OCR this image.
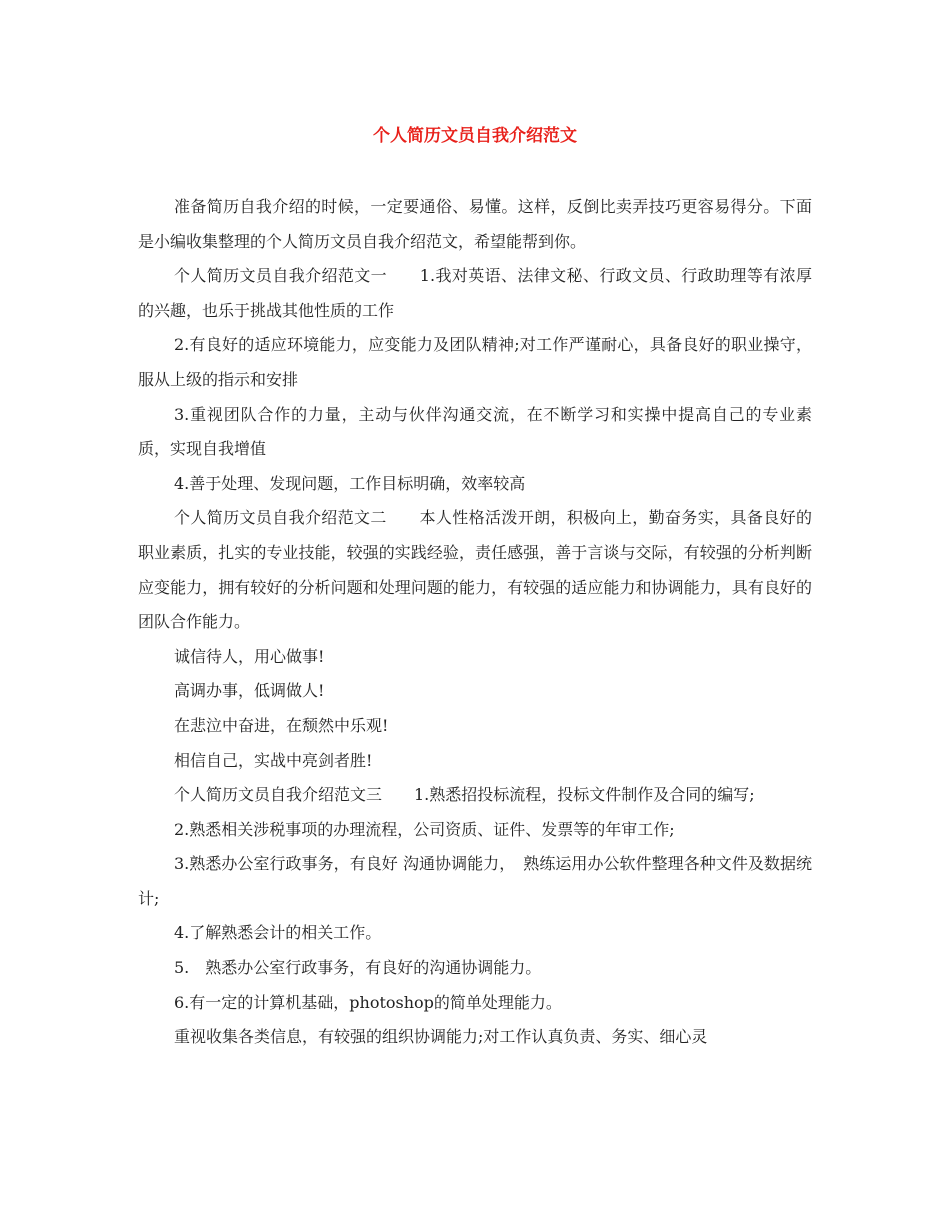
个人简历文员自我介绍范文

准备简历自我介绍的时候，一定要通俗、易懂。这样，反倒比卖弄技巧更容易得分。下面是小编收集整理的个人简历文员自我介绍范文，希望能帮到你。

个人简历文员自我介绍范文一　　1.我对英语、法律文秘、行政文员、行政助理等有浓厚的兴趣，也乐于挑战其他性质的工作

2.有良好的适应环境能力，应变能力及团队精神;对工作严谨耐心，具备良好的职业操守，服从上级的指示和安排

3.重视团队合作的力量，主动与伙伴沟通交流，在不断学习和实操中提高自己的专业素质，实现自我增值

4.善于处理、发现问题，工作目标明确，效率较高

个人简历文员自我介绍范文二　　本人性格活泼开朗，积极向上，勤奋务实，具备良好的职业素质，扎实的专业技能，较强的实践经验，责任感强，善于言谈与交际，有较强的分析判断应变能力，拥有较好的分析问题和处理问题的能力，有较强的适应能力和协调能力，具有良好的团队合作能力。

诚信待人，用心做事!

高调办事，低调做人!

在悲泣中奋进，在颓然中乐观!

相信自己，实战中亮剑者胜!

个人简历文员自我介绍范文三　　1.熟悉招投标流程，投标文件制作及合同的编写;

2.熟悉相关涉税事项的办理流程，公司资质、证件、发票等的年审工作;

3.熟悉办公室行政事务，有良好 沟通协调能力，　熟练运用办公软件整理各种文件及数据统计;

4.了解熟悉会计的相关工作。

5.　熟悉办公室行政事务，有良好的沟通协调能力。

6.有一定的计算机基础，photoshop的简单处理能力。

重视收集各类信息，有较强的组织协调能力;对工作认真负责、务实、细心灵
